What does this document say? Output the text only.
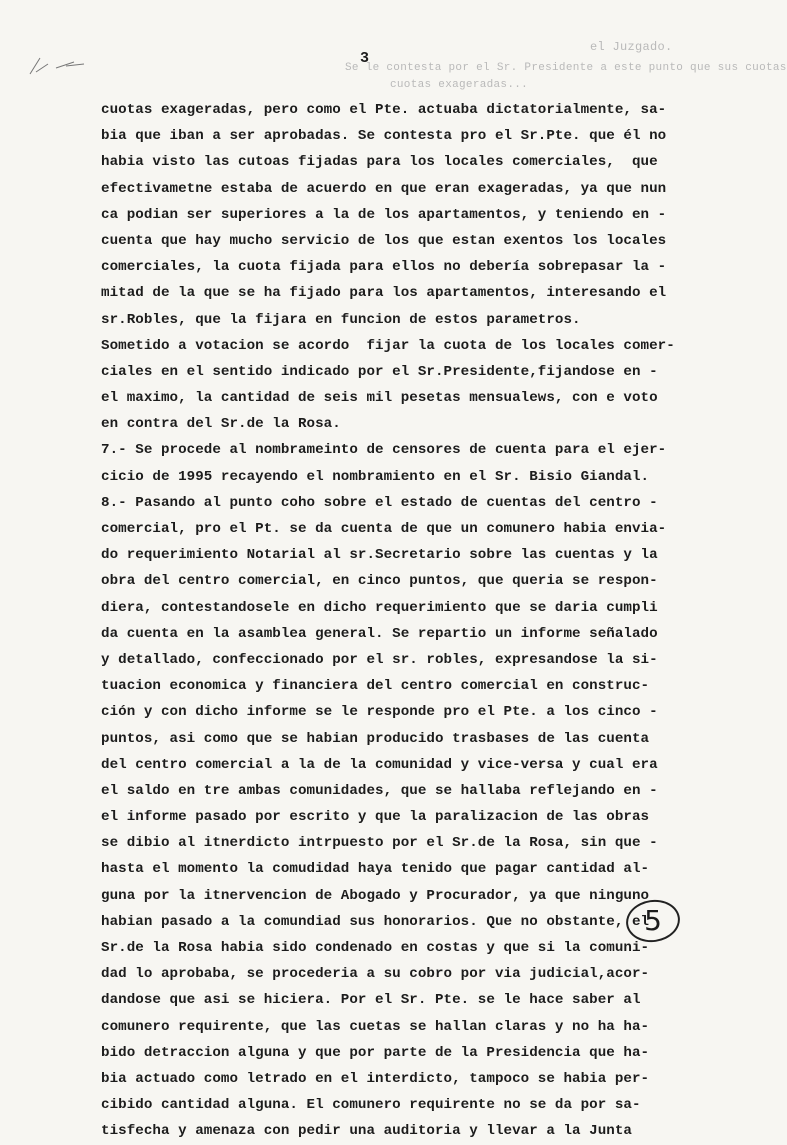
el Juzgado.
Se le contesta por el Sr. Presidente a este punto que sus cuotas
cuotas exageradas...
3
cuotas exageradas, pero como el Pte. actuaba dictatorialmente, sa-
bia que iban a ser aprobadas. Se contesta pro el Sr.Pte. que él no
habia visto las cutoas fijadas para los locales comerciales,  que
efectivametne estaba de acuerdo en que eran exageradas, ya que nun
ca podian ser superiores a la de los apartamentos, y teniendo en -
cuenta que hay mucho servicio de los que estan exentos los locales
comerciales, la cuota fijada para ellos no debería sobrepasar la -
mitad de la que se ha fijado para los apartamentos, interesando el
sr.Robles, que la fijara en funcion de estos parametros.
Sometido a votacion se acordo  fijar la cuota de los locales comer-
ciales en el sentido indicado por el Sr.Presidente,fijandose en -
el maximo, la cantidad de seis mil pesetas mensualews, con e voto
en contra del Sr.de la Rosa.
7.- Se procede al nombrameinto de censores de cuenta para el ejer-
cicio de 1995 recayendo el nombramiento en el Sr. Bisio Giandal.
8.- Pasando al punto coho sobre el estado de cuentas del centro -
comercial, pro el Pt. se da cuenta de que un comunero habia envia-
do requerimiento Notarial al sr.Secretario sobre las cuentas y la
obra del centro comercial, en cinco puntos, que queria se respon-
diera, contestandosele en dicho requerimiento que se daria cumpli
da cuenta en la asamblea general. Se repartio un informe señalado
y detallado, confeccionado por el sr. robles, expresandose la si-
tuacion economica y financiera del centro comercial en construc-
ción y con dicho informe se le responde pro el Pte. a los cinco -
puntos, asi como que se habian producido trasbases de las cuenta
del centro comercial a la de la comunidad y vice-versa y cual era
el saldo en tre ambas comunidades, que se hallaba reflejando en -
el informe pasado por escrito y que la paralizacion de las obras
se dibio al itnerdicto intrpuesto por el Sr.de la Rosa, sin que -
hasta el momento la comudidad haya tenido que pagar cantidad al-
guna por la itnervencion de Abogado y Procurador, ya que ninguno
habian pasado a la comundiad sus honorarios. Que no obstante, el
Sr.de la Rosa habia sido condenado en costas y que si la comuni-
dad lo aprobaba, se procederia a su cobro por via judicial,acor-
dandose que asi se hiciera. Por el Sr. Pte. se le hace saber al
comunero requirente, que las cuetas se hallan claras y no ha ha-
bido detraccion alguna y que por parte de la Presidencia que ha-
bia actuado como letrado en el interdicto, tampoco se habia per-
cibido cantidad alguna. El comunero requirente no se da por sa-
tisfecha y amenaza con pedir una auditoria y llevar a la Junta
5
